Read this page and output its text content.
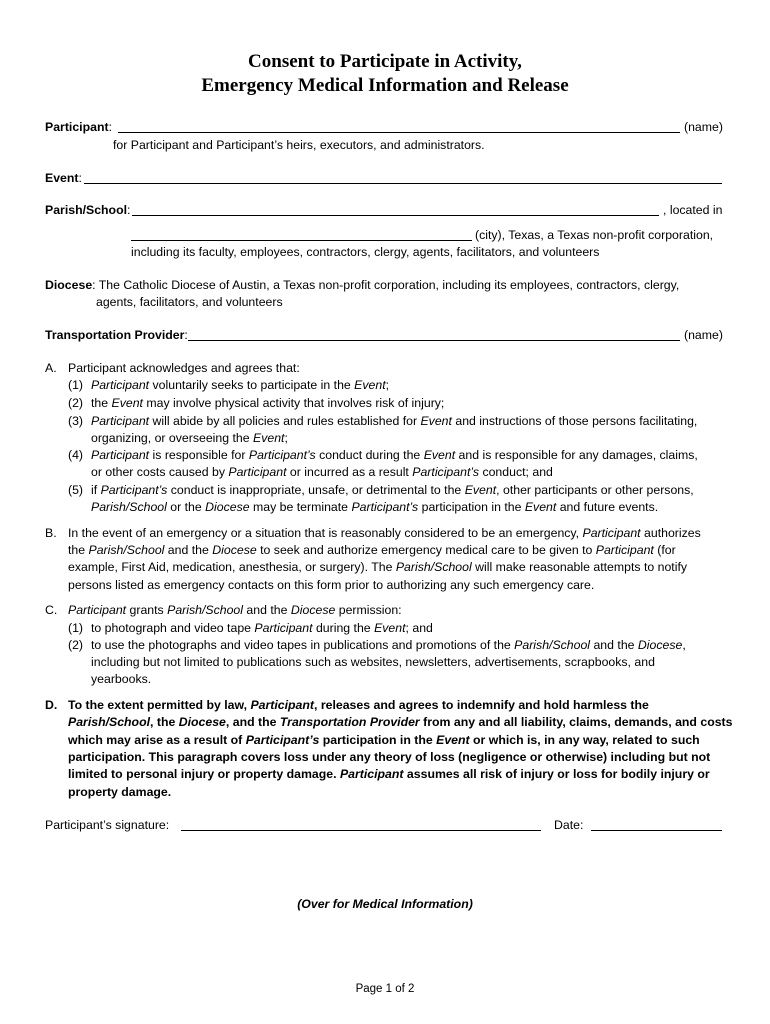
Consent to Participate in Activity,
Emergency Medical Information and Release
Participant:	(name)
for Participant and Participant’s heirs, executors, and administrators.
Event:
Parish/School:	, located in
(city), Texas, a Texas non-profit corporation,
including its faculty, employees, contractors, clergy, agents, facilitators, and volunteers
Diocese: The Catholic Diocese of Austin, a Texas non-profit corporation, including its employees, contractors, clergy,
agents, facilitators, and volunteers
Transportation Provider:	(name)
A. Participant acknowledges and agrees that:
(1) Participant voluntarily seeks to participate in the Event;
(2) the Event may involve physical activity that involves risk of injury;
(3) Participant will abide by all policies and rules established for Event and instructions of those persons facilitating,
organizing, or overseeing the Event;
(4) Participant is responsible for Participant’s conduct during the Event and is responsible for any damages, claims,
or other costs caused by Participant or incurred as a result Participant’s conduct; and
(5) if Participant’s conduct is inappropriate, unsafe, or detrimental to the Event, other participants or other persons,
Parish/School or the Diocese may be terminate Participant’s participation in the Event and future events.
B. In the event of an emergency or a situation that is reasonably considered to be an emergency, Participant authorizes
the Parish/School and the Diocese to seek and authorize emergency medical care to be given to Participant (for
example, First Aid, medication, anesthesia, or surgery). The Parish/School will make reasonable attempts to notify
persons listed as emergency contacts on this form prior to authorizing any such emergency care.
C. Participant grants Parish/School and the Diocese permission:
(1) to photograph and video tape Participant during the Event; and
(2) to use the photographs and video tapes in publications and promotions of the Parish/School and the Diocese,
including but not limited to publications such as websites, newsletters, advertisements, scrapbooks, and
yearbooks.
D. To the extent permitted by law, Participant, releases and agrees to indemnify and hold harmless the
Parish/School, the Diocese, and the Transportation Provider from any and all liability, claims, demands, and costs
which may arise as a result of Participant’s participation in the Event or which is, in any way, related to such
participation. This paragraph covers loss under any theory of loss (negligence or otherwise) including but not
limited to personal injury or property damage. Participant assumes all risk of injury or loss for bodily injury or
property damage.
Participant’s signature:	Date:
(Over for Medical Information)
Page 1 of 2
